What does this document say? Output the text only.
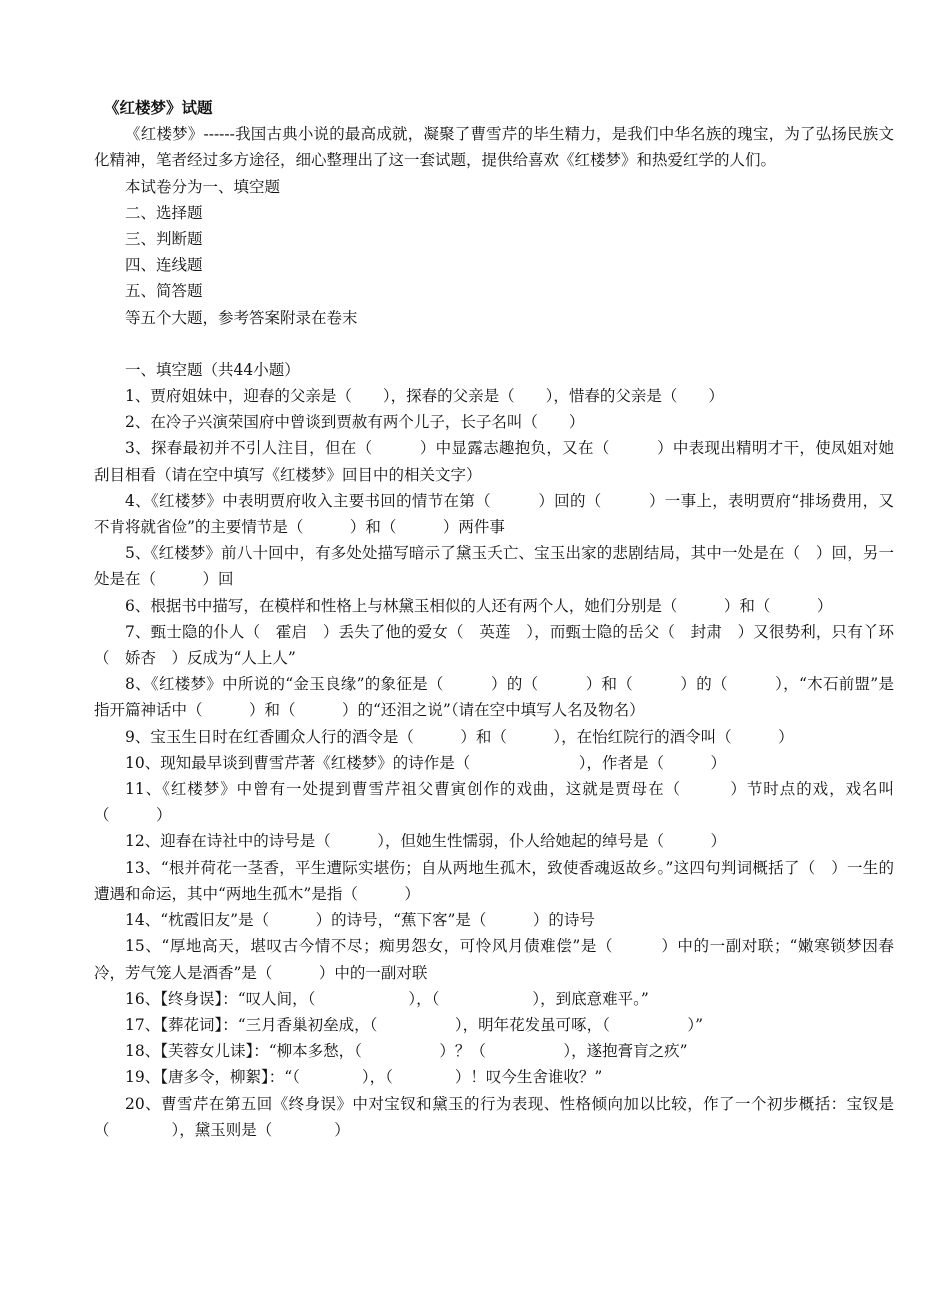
《红楼梦》试题

《红楼梦》------我国古典小说的最高成就，凝聚了曹雪芹的毕生精力，是我们中华名族的瑰宝，为了弘扬民族文化精神，笔者经过多方途径，细心整理出了这一套试题，提供给喜欢《红楼梦》和热爱红学的人们。

本试卷分为一、填空题

二、选择题

三、判断题

四、连线题

五、简答题

等五个大题，参考答案附录在卷末

一、填空题（共44小题）

1、贾府姐妹中，迎春的父亲是（　　），探春的父亲是（　　），惜春的父亲是（　　）

2、在冷子兴演荣国府中曾谈到贾赦有两个儿子，长子名叫（　　）

3、探春最初并不引人注目，但在（　　　）中显露志趣抱负，又在（　　　）中表现出精明才干，使凤姐对她刮目相看（请在空中填写《红楼梦》回目中的相关文字）

4、《红楼梦》中表明贾府收入主要书回的情节在第（　　　）回的（　　　）一事上，表明贾府“排场费用，又不肯将就省俭”的主要情节是（　　　）和（　　　）两件事

5、《红楼梦》前八十回中，有多处处描写暗示了黛玉夭亡、宝玉出家的悲剧结局，其中一处是在（　）回，另一处是在（　　　）回

6、根据书中描写，在模样和性格上与林黛玉相似的人还有两个人，她们分别是（　　　）和（　　　）

7、甄士隐的仆人（　霍启　）丢失了他的爱女（　英莲　），而甄士隐的岳父（　封肃　）又很势利，只有丫环（　娇杏　）反成为“人上人”

8、《红楼梦》中所说的“金玉良缘”的象征是（　　　）的（　　　）和（　　　）的（　　　），“木石前盟”是指开篇神话中（　　　）和（　　　）的“还泪之说”（请在空中填写人名及物名）

9、宝玉生日时在红香圃众人行的酒令是（　　　）和（　　　），在怡红院行的酒令叫（　　　）

10、现知最早谈到曹雪芹著《红楼梦》的诗作是（　　　　　　　），作者是（　　　）

11、《红楼梦》中曾有一处提到曹雪芹祖父曹寅创作的戏曲，这就是贾母在（　　　）节时点的戏，戏名叫（　　　）

12、迎春在诗社中的诗号是（　　　），但她生性懦弱，仆人给她起的绰号是（　　　）

13、“根并荷花一茎香，平生遭际实堪伤；自从两地生孤木，致使香魂返故乡。”这四句判词概括了（　）一生的遭遇和命运，其中“两地生孤木”是指（　　　）

14、“枕霞旧友”是（　　　）的诗号，“蕉下客”是（　　　）的诗号

15、“厚地高天，堪叹古今情不尽；痴男怨女，可怜风月债难偿”是（　　　）中的一副对联；“嫩寒锁梦因春冷，芳气笼人是酒香”是（　　　）中的一副对联

16、【终身误】：“叹人间，（　　　　　　），（　　　　　　），到底意难平。”

17、【葬花词】：“三月香巢初垒成，（　　　　　），明年花发虽可啄，（　　　　　）”

18、【芙蓉女儿诔】：“柳本多愁，（　　　　　）？（　　　　　），遂抱膏肓之疚”

19、【唐多令，柳絮】：“（　　　　），（　　　　）！叹今生舍谁收？”

20、曹雪芹在第五回《终身误》中对宝钗和黛玉的行为表现、性格倾向加以比较，作了一个初步概括：宝钗是（　　　　），黛玉则是（　　　　）
